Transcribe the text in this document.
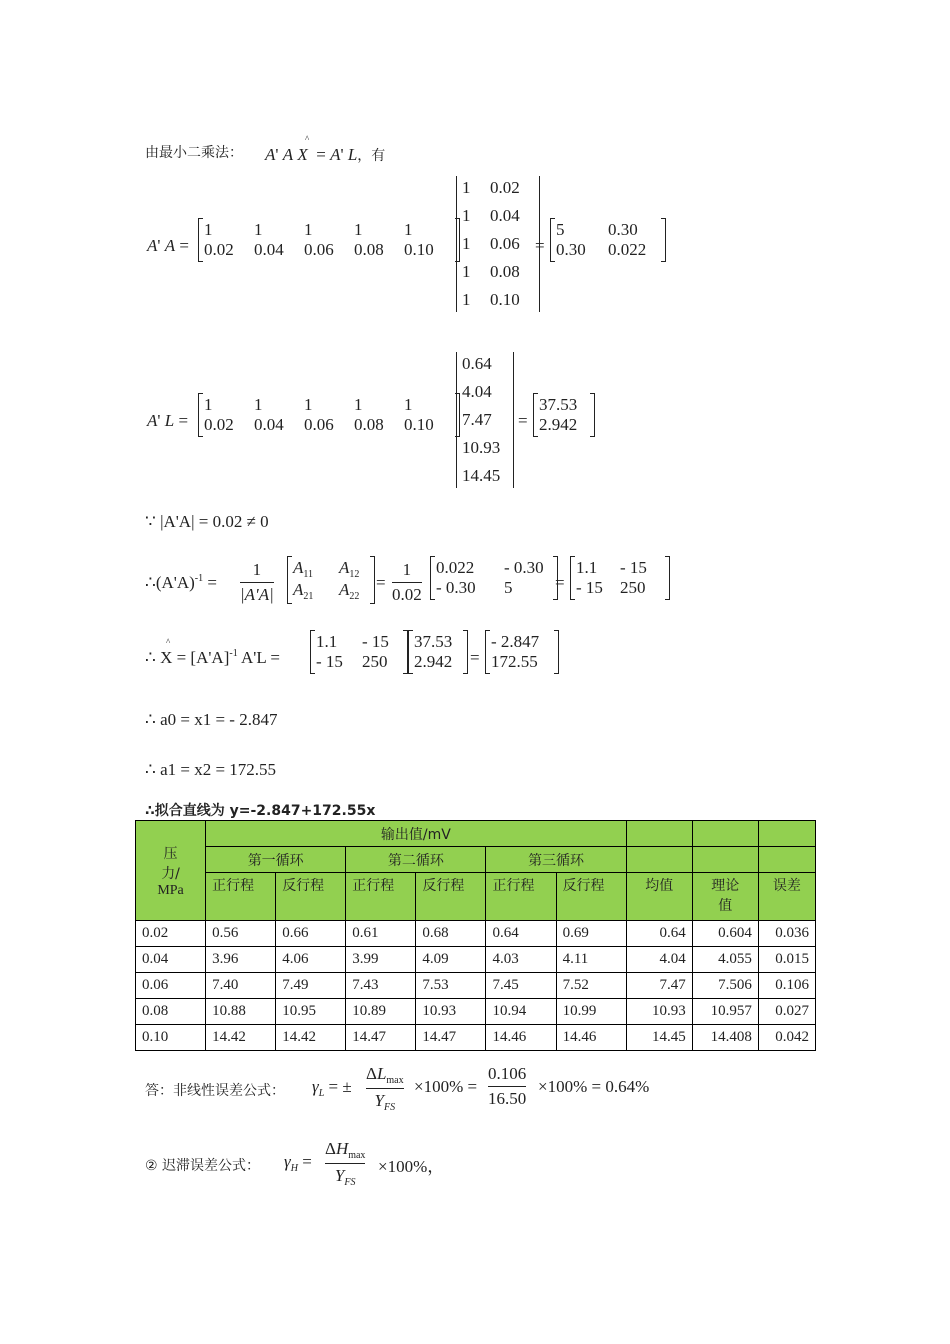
由最小二乘法： A' A X  = A' L，有
^
A' A =
1	1	1	1	1
0.02	0.04	0.06	0.08	0.10
1	0.02
1	0.04
1	0.06
1	0.08
1	0.10
=
5	0.30
0.30	0.022
A' L =
1	1	1	1	1
0.02	0.04	0.06	0.08	0.10
0.64
4.04
7.47
10.93
14.45
=
37.53
2.942
∵ |A'A| = 0.02 ≠ 0
$\therefore(A'A)^{-1}$ =
1
|A'A|
$A_{11}$	$A_{12}$
$A_{21}$	$A_{22}$
=
1
0.02
0.022	- 0.30
- 0.30	5	=
1.1	- 15
- 15	250
∴ $X = [A'A]^{-1}$ A'L =
^	1.1	- 15
- 15	250
37.53
2.942	=
- 2.847
172.55
∴ a0 = x1 = - 2.847
∴ a1 = x2 = 172.55
∴拟合直线为 y=-2.847+172.55x
压
力/
MPa	输出值/mV								
	第一循环		第二循环		第三循环				
	正行程	反行程	正行程	反行程	正行程	反行程	均值	理论
值	误差
0.02	0.56	0.66	0.61	0.68	0.64	0.69	0.64	0.604	0.036
0.04	3.96	4.06	3.99	4.09	4.03	4.11	4.04	4.055	0.015
0.06	7.40	7.49	7.43	7.53	7.45	7.52	7.47	7.506	0.106
0.08	10.88	10.95	10.89	10.93	10.94	10.99	10.93	10.957	0.027
0.10	14.42	14.42	14.47	14.47	14.46	14.46	14.45	14.408	0.042
答：非线性误差公式： $\gamma_L$ = ±
$\Delta L_{max}$
$Y_{FS}$
×100% =
0.106
16.50
×100% = 0.64%
② 迟滞误差公式： $\gamma_H$ =
$\Delta H_{max}$
$Y_{FS}$
×100%，
